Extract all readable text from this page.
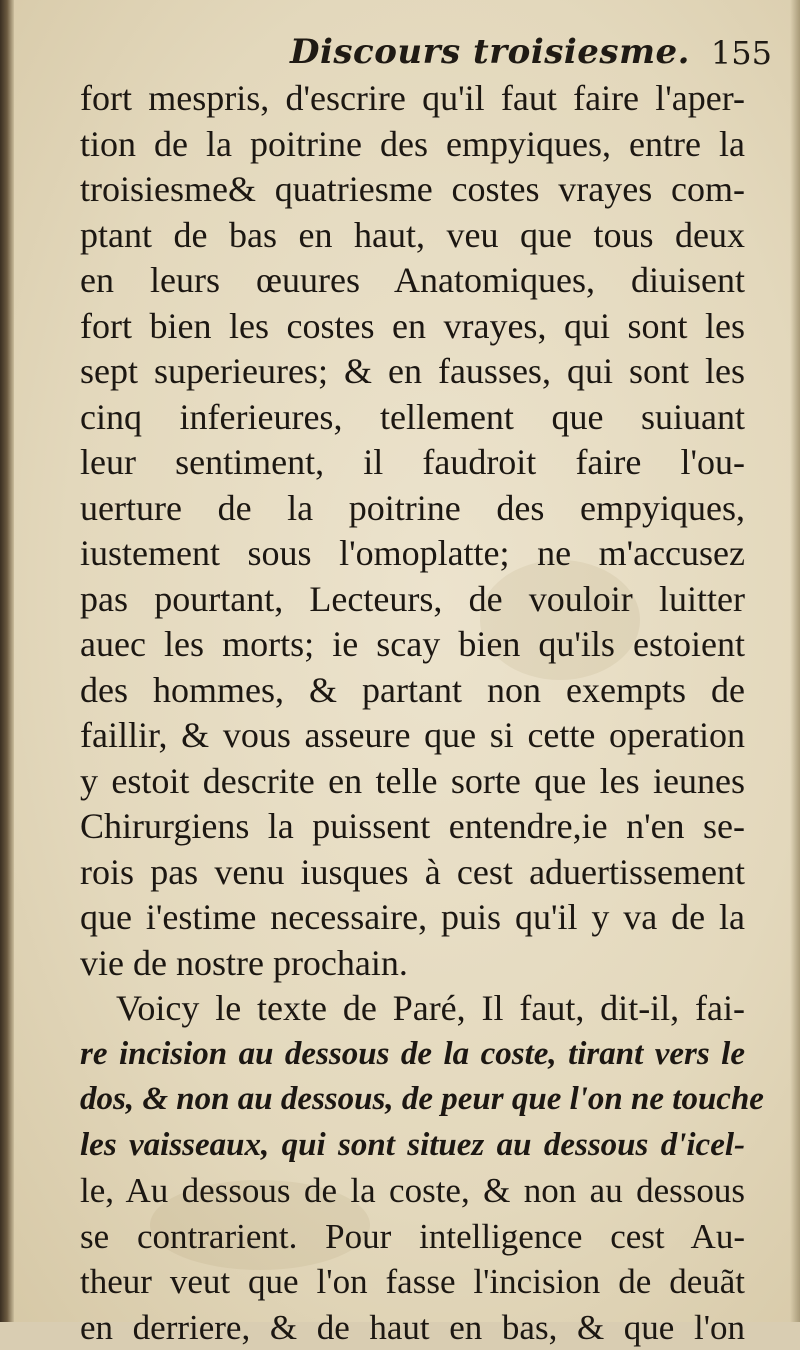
Discours troisiesme. 155
fort mespris, d'escrire qu'il faut faire l'aper-
tion de la poitrine des empyiques, entre la
troisiesme& quatriesme costes vrayes com-
ptant de bas en haut, veu que tous deux
en leurs œuures Anatomiques, diuisent
fort bien les costes en vrayes, qui sont les
sept superieures; & en fausses, qui sont les
cinq inferieures, tellement que suiuant
leur sentiment, il faudroit faire l'ou-
uerture de la poitrine des empyiques,
iustement sous l'omoplatte; ne m'accusez
pas pourtant, Lecteurs, de vouloir luitter
auec les morts; ie scay bien qu'ils estoient
des hommes, & partant non exempts de
faillir, & vous asseure que si cette operation
y estoit descrite en telle sorte que les ieunes
Chirurgiens la puissent entendre,ie n'en se-
rois pas venu iusques à cest aduertissement
que i'estime necessaire, puis qu'il y va de la
vie de nostre prochain.
Voicy le texte de Paré, Il faut, dit-il, fai-
re incision au dessous de la coste, tirant vers le
dos, & non au dessous, de peur que l'on ne touche
les vaisseaux, qui sont situez au dessous d'icel-
le, Au dessous de la coste, & non au dessous
se contrarient. Pour intelligence cest Au-
theur veut que l'on fasse l'incision de deuãt
en derriere, & de haut en bas, & que l'on
